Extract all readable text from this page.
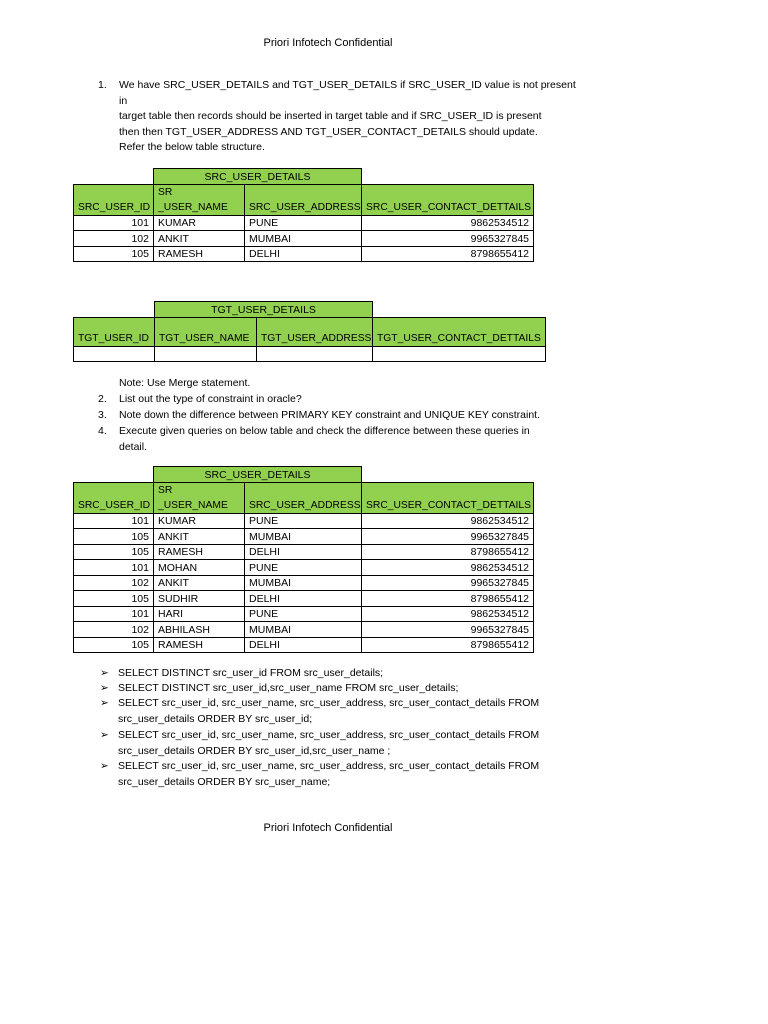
Priori Infotech Confidential
1. We have SRC_USER_DETAILS and TGT_USER_DETAILS if SRC_USER_ID value is not present in
target table then records should be inserted in target table and if SRC_USER_ID is present
then then TGT_USER_ADDRESS AND TGT_USER_CONTACT_DETAILS should update.
Refer the below table structure.
	SRC_USER_DETAILS		
SRC_USER_ID	SR _USER_NAME	SRC_USER_ADDRESS	SRC_USER_CONTACT_DETTAILS
101	KUMAR	PUNE	9862534512
102	ANKIT	MUMBAI	9965327845
105	RAMESH	DELHI	8798655412
	TGT_USER_DETAILS		
TGT_USER_ID	TGT_USER_NAME	TGT_USER_ADDRESS	TGT_USER_CONTACT_DETTAILS

Note: Use Merge statement.
2. List out the type of constraint in oracle?
3. Note down the difference between PRIMARY KEY constraint and UNIQUE KEY constraint.
4. Execute given queries on below table and check the difference between these queries in
detail.
	SRC_USER_DETAILS		
SRC_USER_ID	SR _USER_NAME	SRC_USER_ADDRESS	SRC_USER_CONTACT_DETTAILS
101	KUMAR	PUNE	9862534512
105	ANKIT	MUMBAI	9965327845
105	RAMESH	DELHI	8798655412
101	MOHAN	PUNE	9862534512
102	ANKIT	MUMBAI	9965327845
105	SUDHIR	DELHI	8798655412
101	HARI	PUNE	9862534512
102	ABHILASH	MUMBAI	9965327845
105	RAMESH	DELHI	8798655412
➢ SELECT DISTINCT src_user_id FROM src_user_details;
➢ SELECT DISTINCT src_user_id,src_user_name FROM src_user_details;
➢ SELECT src_user_id, src_user_name, src_user_address, src_user_contact_details FROM
src_user_details ORDER BY src_user_id;
➢ SELECT src_user_id, src_user_name, src_user_address, src_user_contact_details FROM
src_user_details ORDER BY src_user_id,src_user_name ;
➢ SELECT src_user_id, src_user_name, src_user_address, src_user_contact_details FROM
src_user_details ORDER BY src_user_name;
Priori Infotech Confidential
